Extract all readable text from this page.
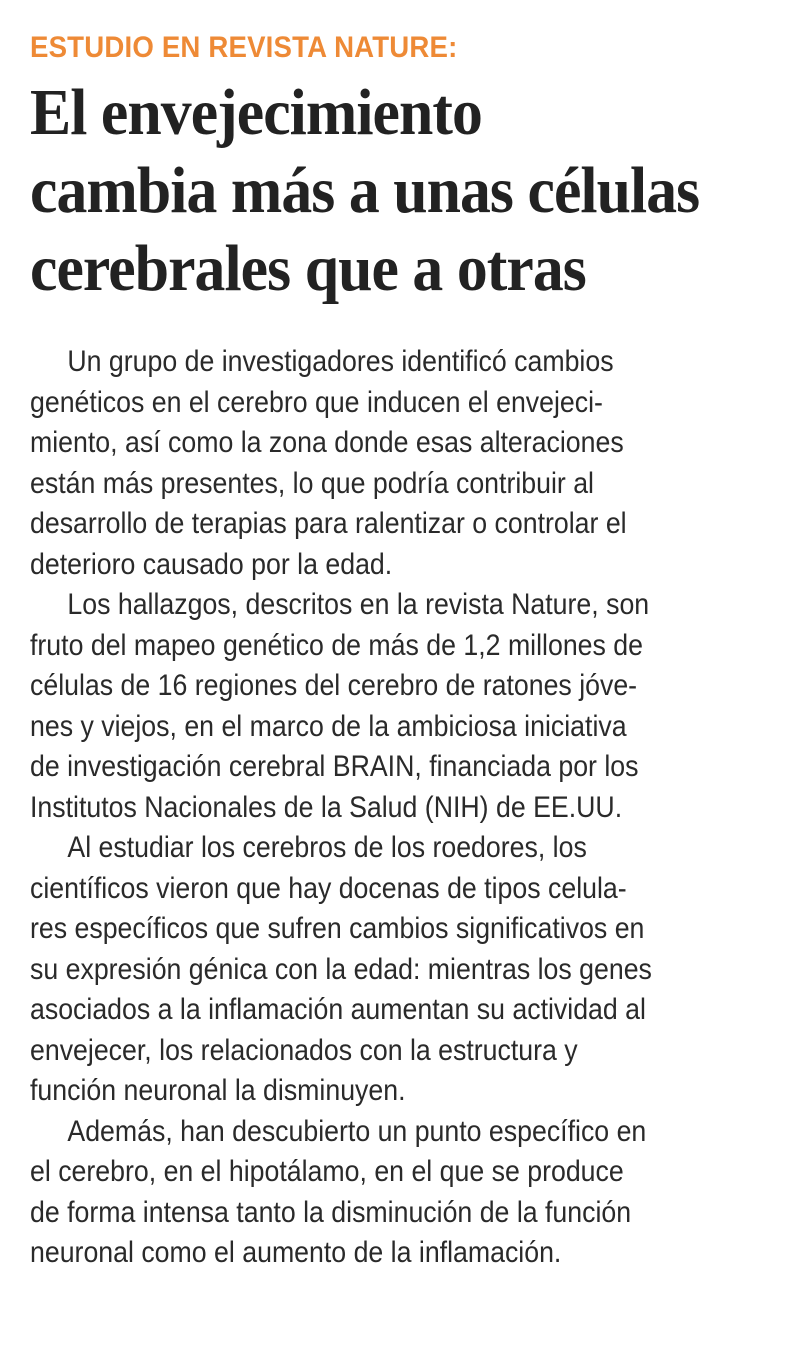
ESTUDIO EN REVISTA NATURE:
El envejecimiento
cambia más a unas células
cerebrales que a otras

Un grupo de investigadores identificó cambios
genéticos en el cerebro que inducen el envejeci-
miento, así como la zona donde esas alteraciones
están más presentes, lo que podría contribuir al
desarrollo de terapias para ralentizar o controlar el
deterioro causado por la edad.

Los hallazgos, descritos en la revista Nature, son
fruto del mapeo genético de más de 1,2 millones de
células de 16 regiones del cerebro de ratones jóve-
nes y viejos, en el marco de la ambiciosa iniciativa
de investigación cerebral BRAIN, financiada por los
Institutos Nacionales de la Salud (NIH) de EE.UU.

Al estudiar los cerebros de los roedores, los
científicos vieron que hay docenas de tipos celula-
res específicos que sufren cambios significativos en
su expresión génica con la edad: mientras los genes
asociados a la inflamación aumentan su actividad al
envejecer, los relacionados con la estructura y
función neuronal la disminuyen.

Además, han descubierto un punto específico en
el cerebro, en el hipotálamo, en el que se produce
de forma intensa tanto la disminución de la función
neuronal como el aumento de la inflamación.
